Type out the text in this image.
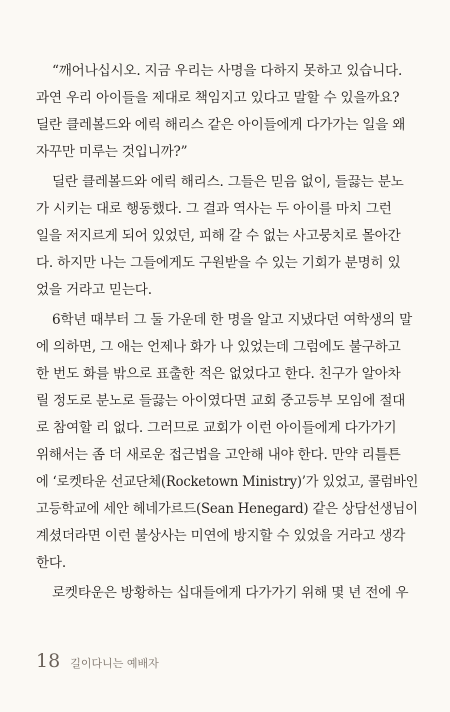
“깨어나십시오. 지금 우리는 사명을 다하지 못하고 있습니다.
과연 우리 아이들을 제대로 책임지고 있다고 말할 수 있을까요?
딜란 클레볼드와 에릭 해리스 같은 아이들에게 다가가는 일을 왜
자꾸만 미루는 것입니까?”

딜란 클레볼드와 에릭 해리스. 그들은 믿음 없이, 들끓는 분노
가 시키는 대로 행동했다. 그 결과 역사는 두 아이를 마치 그런
일을 저지르게 되어 있었던, 피해 갈 수 없는 사고뭉치로 몰아간
다. 하지만 나는 그들에게도 구원받을 수 있는 기회가 분명히 있
었을 거라고 믿는다.

6학년 때부터 그 둘 가운데 한 명을 알고 지냈다던 여학생의 말
에 의하면, 그 애는 언제나 화가 나 있었는데 그럼에도 불구하고
한 번도 화를 밖으로 표출한 적은 없었다고 한다. 친구가 알아차
릴 정도로 분노로 들끓는 아이였다면 교회 중고등부 모임에 절대
로 참여할 리 없다. 그러므로 교회가 이런 아이들에게 다가가기
위해서는 좀 더 새로운 접근법을 고안해 내야 한다. 만약 리틀튼
에 ‘로켓타운 선교단체(Rocketown Ministry)’가 있었고, 콜럼바인
고등학교에 세안 헤네가르드(Sean Henegard) 같은 상담선생님이
계셨더라면 이런 불상사는 미연에 방지할 수 있었을 거라고 생각
한다.

로켓타운은 방황하는 십대들에게 다가가기 위해 몇 년 전에 우

18 길이다니는 예배자
